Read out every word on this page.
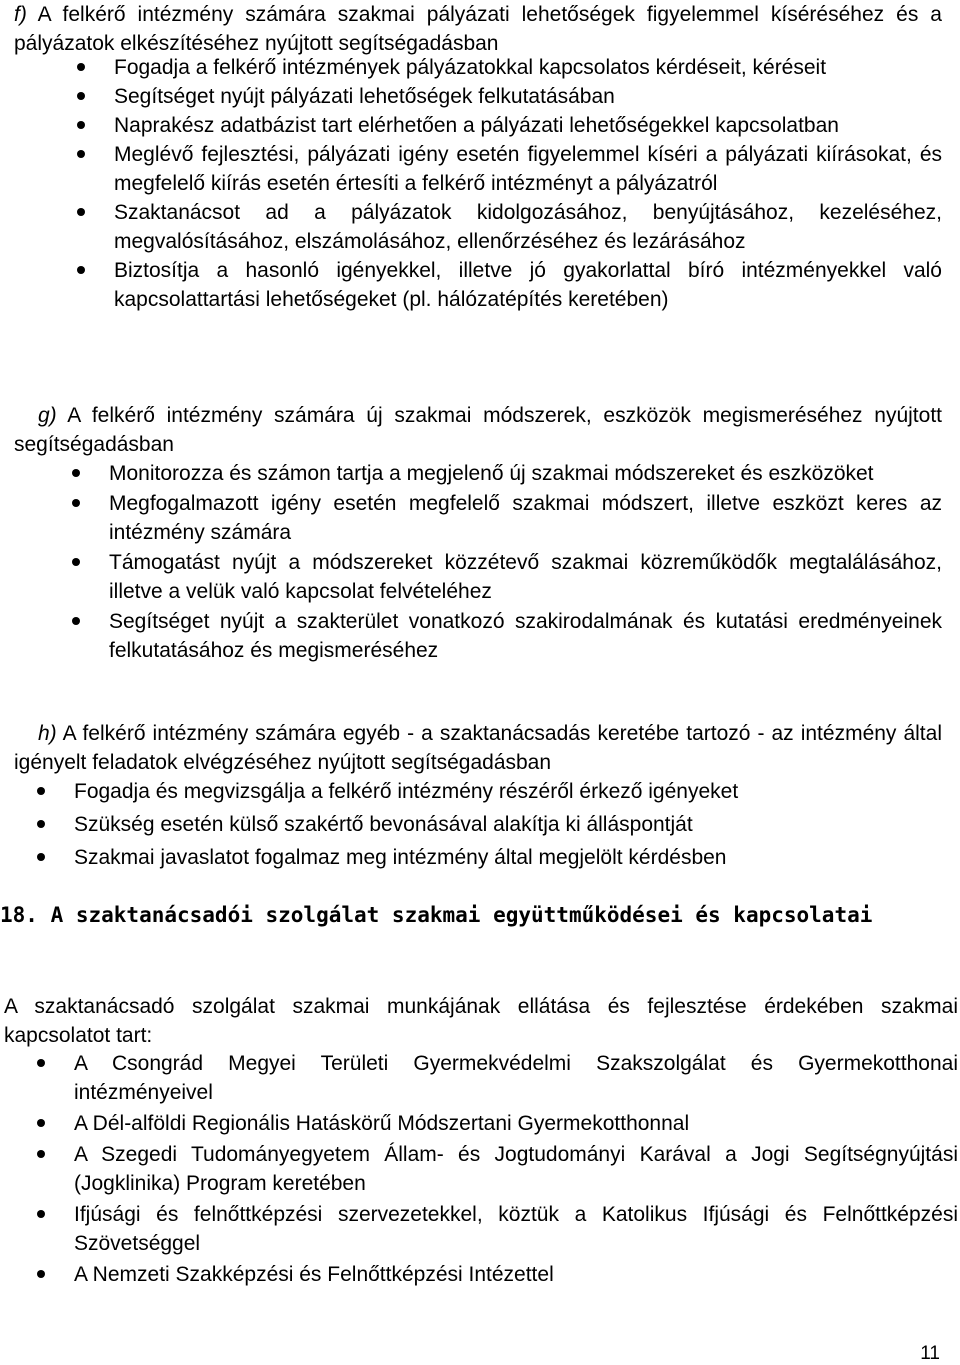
f) A felkérő intézmény számára szakmai pályázati lehetőségek figyelemmel kíséréséhez és a pályázatok elkészítéséhez nyújtott segítségadásban

Fogadja a felkérő intézmények pályázatokkal kapcsolatos kérdéseit, kéréseit
Segítséget nyújt pályázati lehetőségek felkutatásában
Naprakész adatbázist tart elérhetően a pályázati lehetőségekkel kapcsolatban
Meglévő fejlesztési, pályázati igény esetén figyelemmel kíséri a pályázati kiírásokat, és megfelelő kiírás esetén értesíti a felkérő intézményt a pályázatról
Szaktanácsot ad a pályázatok kidolgozásához, benyújtásához, kezeléséhez, megvalósításához, elszámolásához, ellenőrzéséhez és lezárásához
Biztosítja a hasonló igényekkel, illetve jó gyakorlattal bíró intézményekkel való kapcsolattartási lehetőségeket (pl. hálózatépítés keretében)

g) A felkérő intézmény számára új szakmai módszerek, eszközök megismeréséhez nyújtott segítségadásban

Monitorozza és számon tartja a megjelenő új szakmai módszereket és eszközöket
Megfogalmazott igény esetén megfelelő szakmai módszert, illetve eszközt keres az intézmény számára
Támogatást nyújt a módszereket közzétevő szakmai közreműködők megtalálásához, illetve a velük való kapcsolat felvételéhez
Segítséget nyújt a szakterület vonatkozó szakirodalmának és kutatási eredményeinek felkutatásához és megismeréséhez

h) A felkérő intézmény számára egyéb - a szaktanácsadás keretébe tartozó - az intézmény által igényelt feladatok elvégzéséhez nyújtott segítségadásban

Fogadja és megvizsgálja a felkérő intézmény részéről érkező igényeket
Szükség esetén külső szakértő bevonásával alakítja ki álláspontját
Szakmai javaslatot fogalmaz meg intézmény által megjelölt kérdésben

18. A szaktanácsadói szolgálat szakmai együttműködései és kapcsolatai

A szaktanácsadó szolgálat szakmai munkájának ellátása és fejlesztése érdekében szakmai kapcsolatot tart:

A Csongrád Megyei Területi Gyermekvédelmi Szakszolgálat és Gyermekotthonai intézményeivel
A Dél-alföldi Regionális Hatáskörű Módszertani Gyermekotthonnal
A Szegedi Tudományegyetem Állam- és Jogtudományi Karával a Jogi Segítségnyújtási (Jogklinika) Program keretében
Ifjúsági és felnőttképzési szervezetekkel, köztük a Katolikus Ifjúsági és Felnőttképzési Szövetséggel
A Nemzeti Szakképzési és Felnőttképzési Intézettel
11
